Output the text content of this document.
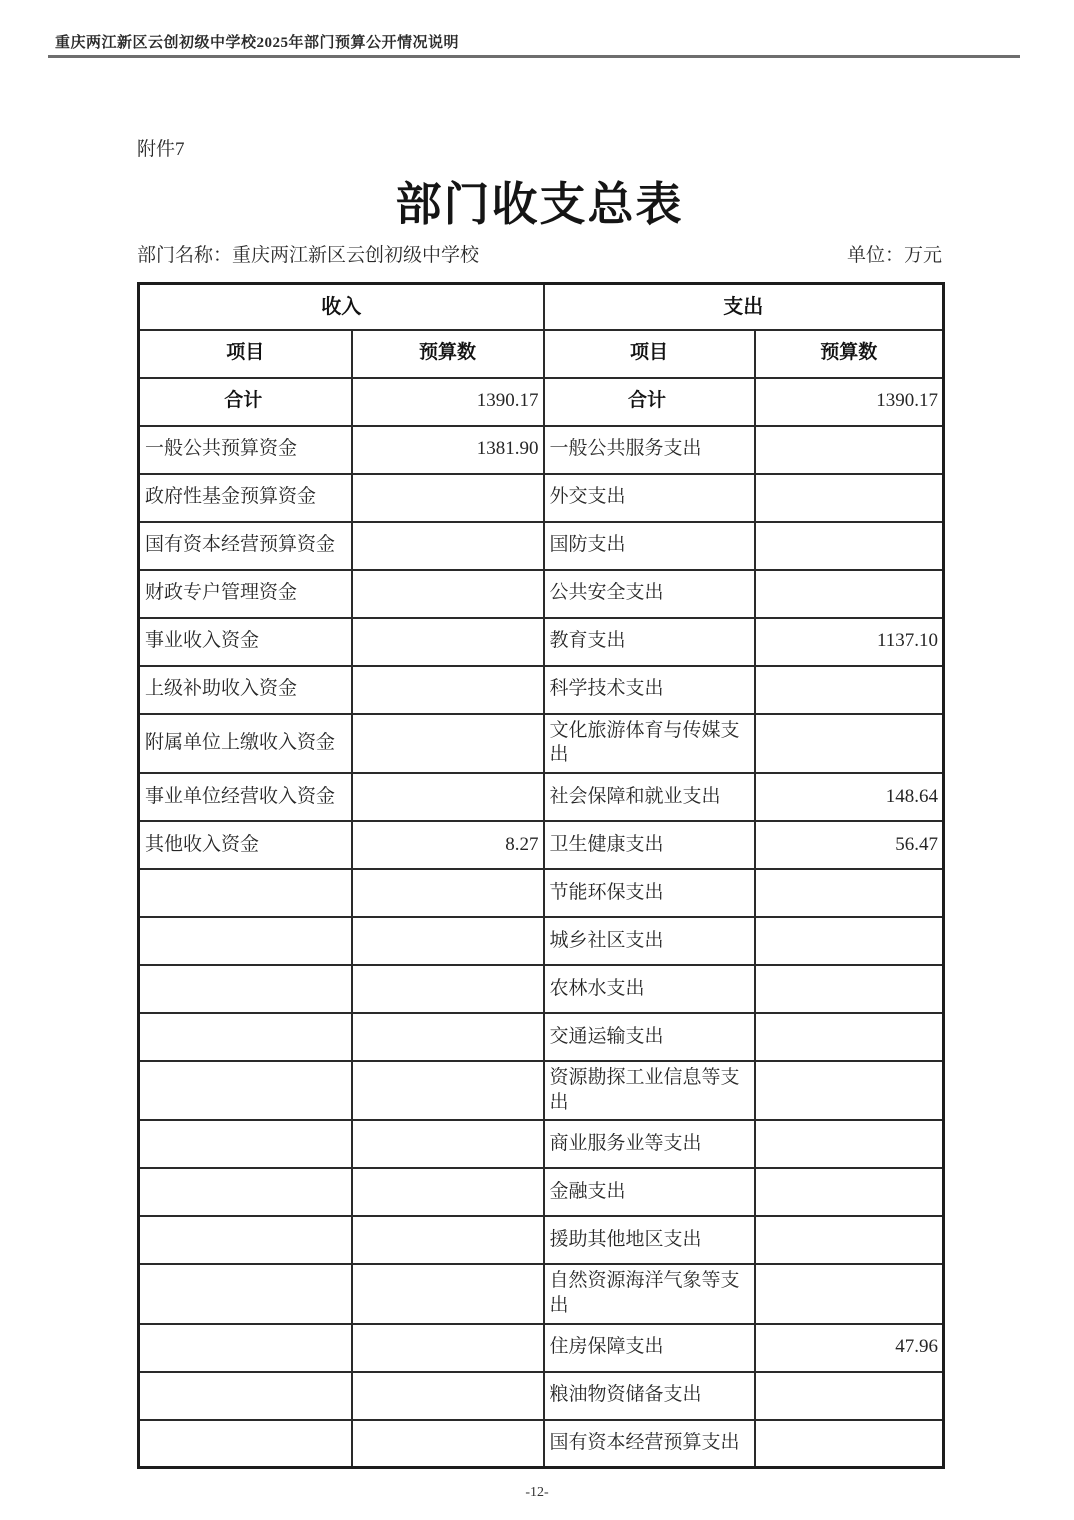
重庆两江新区云创初级中学校2025年部门预算公开情况说明
附件7
部门收支总表
部门名称：重庆两江新区云创初级中学校	单位：万元
收入		支出	
项目	预算数	项目	预算数
合计	1390.17	合计	1390.17
一般公共预算资金	1381.90	一般公共服务支出	
政府性基金预算资金		外交支出	
国有资本经营预算资金		国防支出	
财政专户管理资金		公共安全支出	
事业收入资金		教育支出	1137.10
上级补助收入资金		科学技术支出	
附属单位上缴收入资金		文化旅游体育与传媒支出	
事业单位经营收入资金		社会保障和就业支出	148.64
其他收入资金	8.27	卫生健康支出	56.47
		节能环保支出	
		城乡社区支出	
		农林水支出	
		交通运输支出	
		资源勘探工业信息等支出	
		商业服务业等支出	
		金融支出	
		援助其他地区支出	
		自然资源海洋气象等支出	
		住房保障支出	47.96
		粮油物资储备支出	
		国有资本经营预算支出	
-12-
